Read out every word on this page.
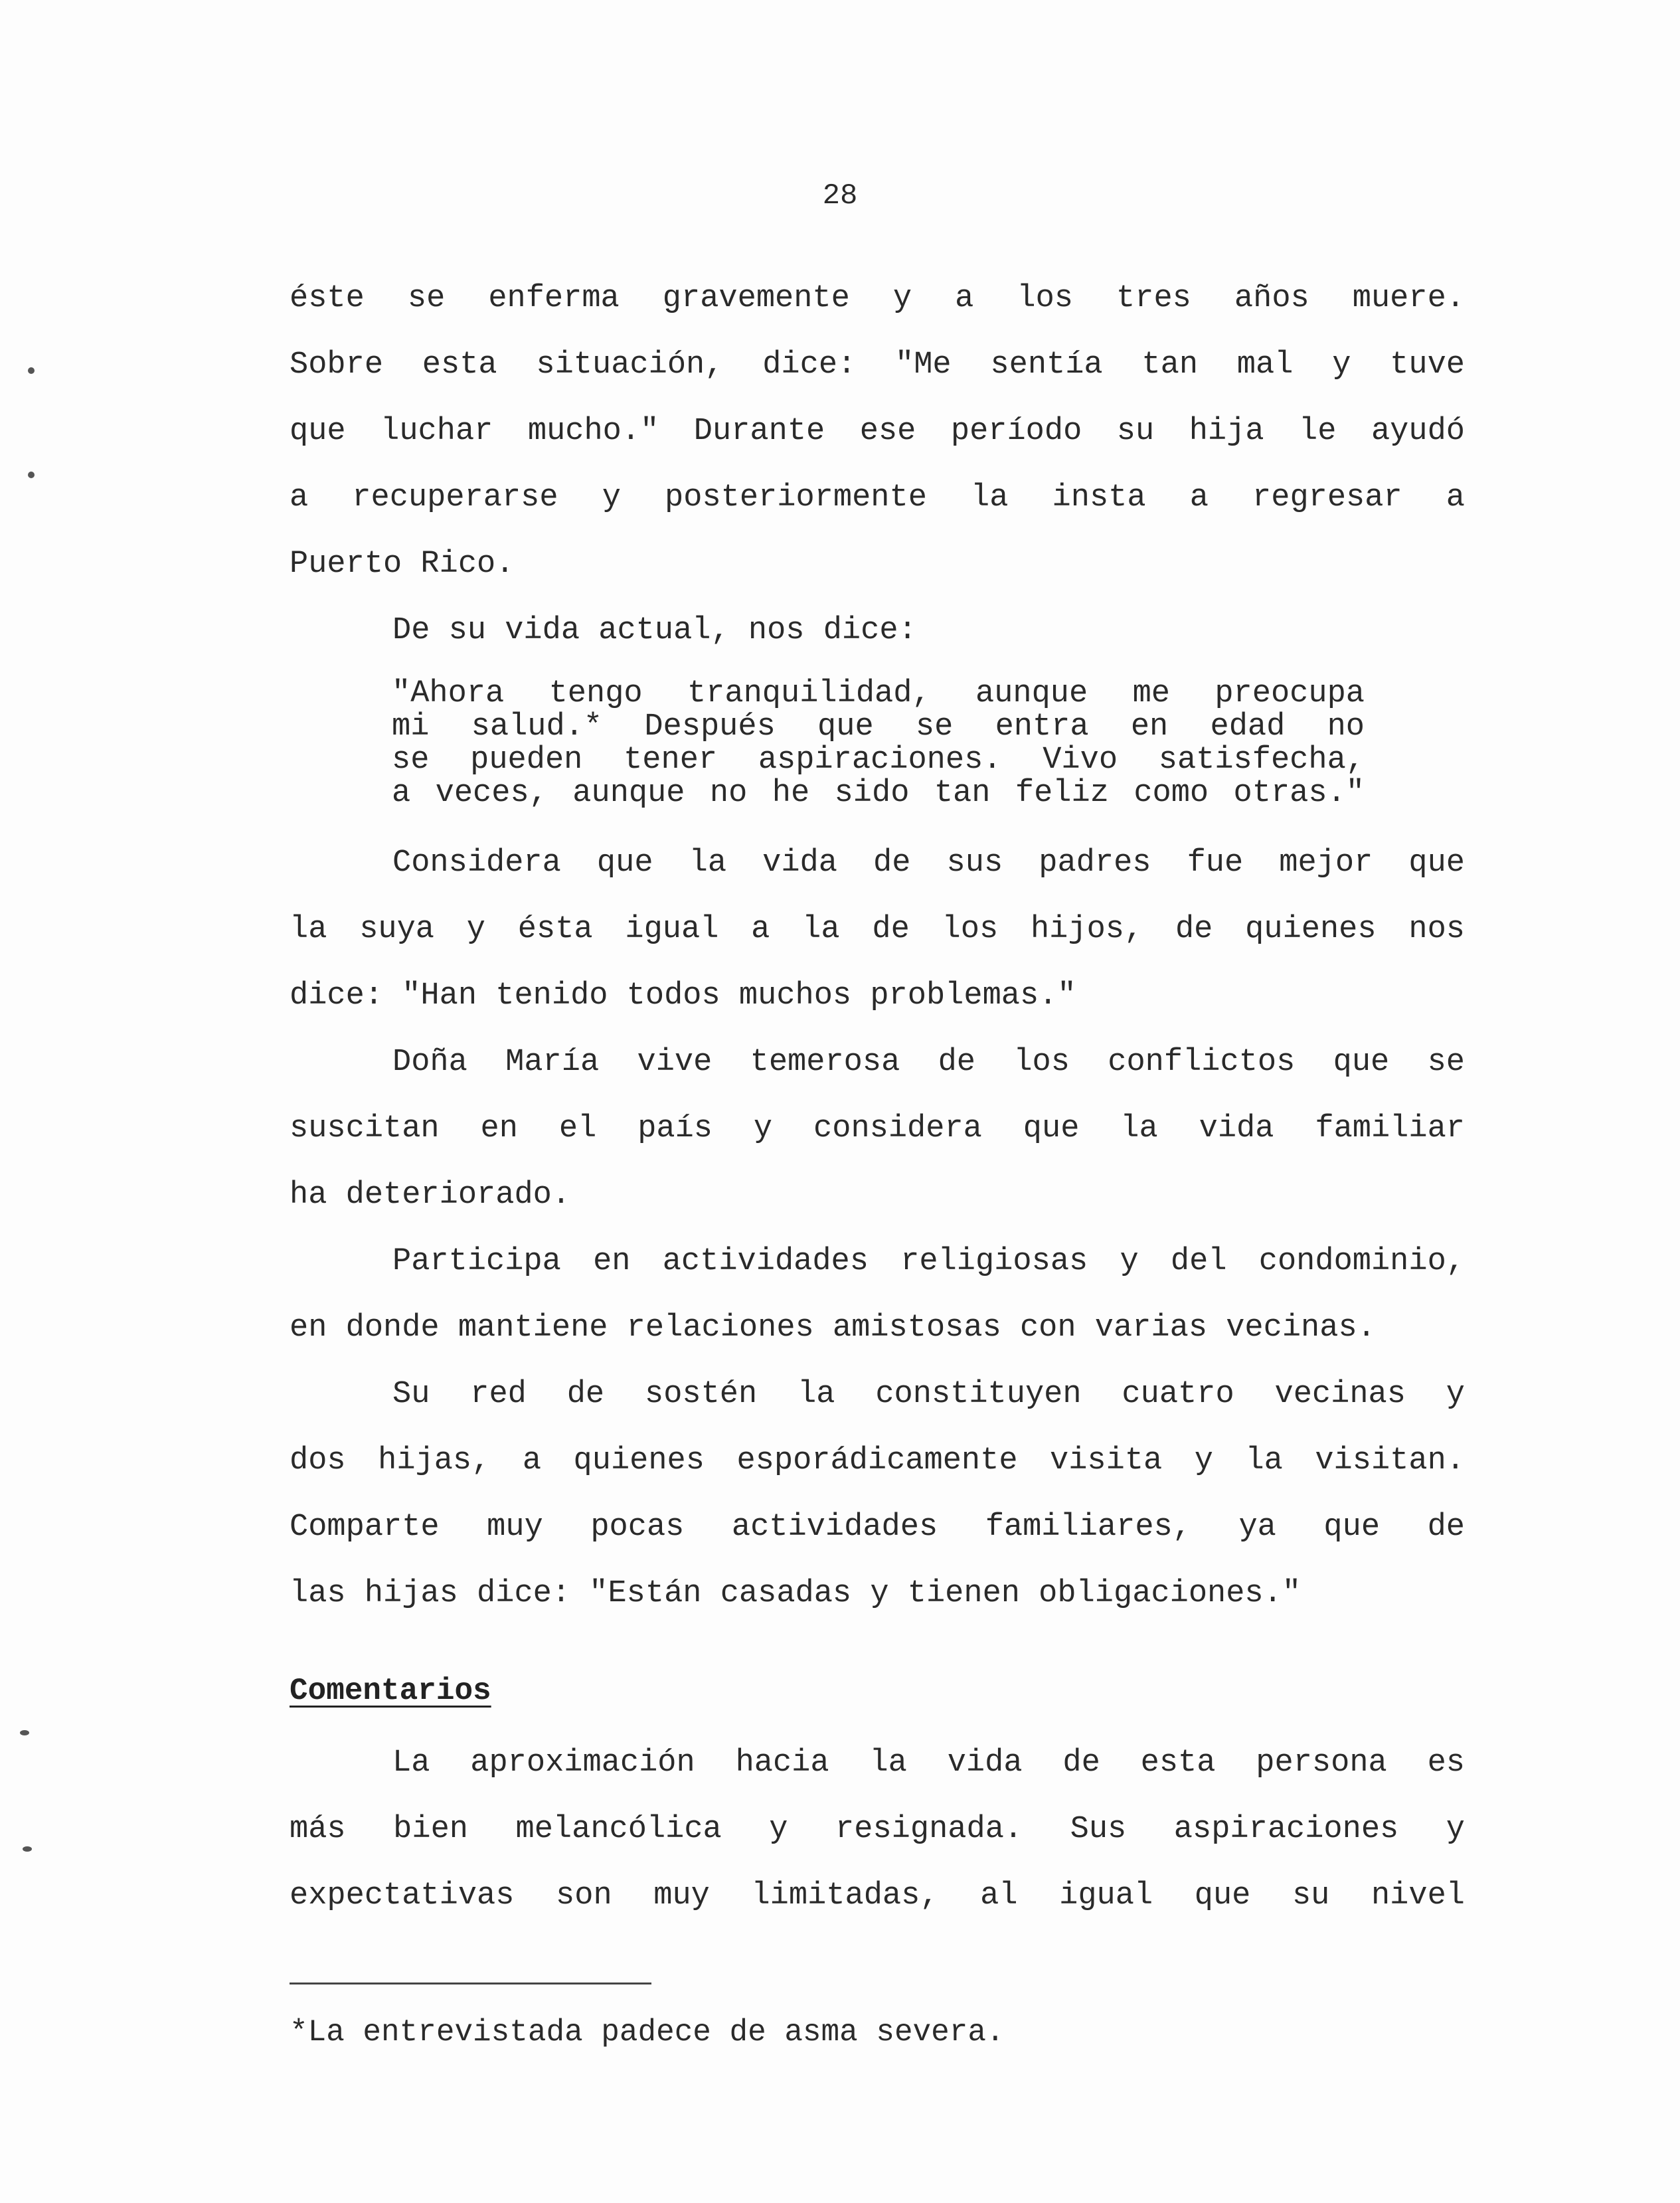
28
éste se enferma gravemente y a los tres años muere.
Sobre esta situación, dice: "Me sentía tan mal y tuve
que luchar mucho." Durante ese período su hija le ayudó
a recuperarse y posteriormente la insta a regresar a
Puerto Rico.
De su vida actual, nos dice:
"Ahora tengo tranquilidad, aunque me preocupa
mi salud.* Después que se entra en edad no
se pueden tener aspiraciones. Vivo satisfecha,
a veces, aunque no he sido tan feliz como otras."
Considera que la vida de sus padres fue mejor que
la suya y ésta igual a la de los hijos, de quienes nos
dice: "Han tenido todos muchos problemas."
Doña María vive temerosa de los conflictos que se
suscitan en el país y considera que la vida familiar
ha deteriorado.
Participa en actividades religiosas y del condominio,
en donde mantiene relaciones amistosas con varias vecinas.
Su red de sostén la constituyen cuatro vecinas y
dos hijas, a quienes esporádicamente visita y la visitan.
Comparte muy pocas actividades familiares, ya que de
las hijas dice: "Están casadas y tienen obligaciones."
Comentarios
La aproximación hacia la vida de esta persona es
más bien melancólica y resignada. Sus aspiraciones y
expectativas son muy limitadas, al igual que su nivel
*La entrevistada padece de asma severa.
